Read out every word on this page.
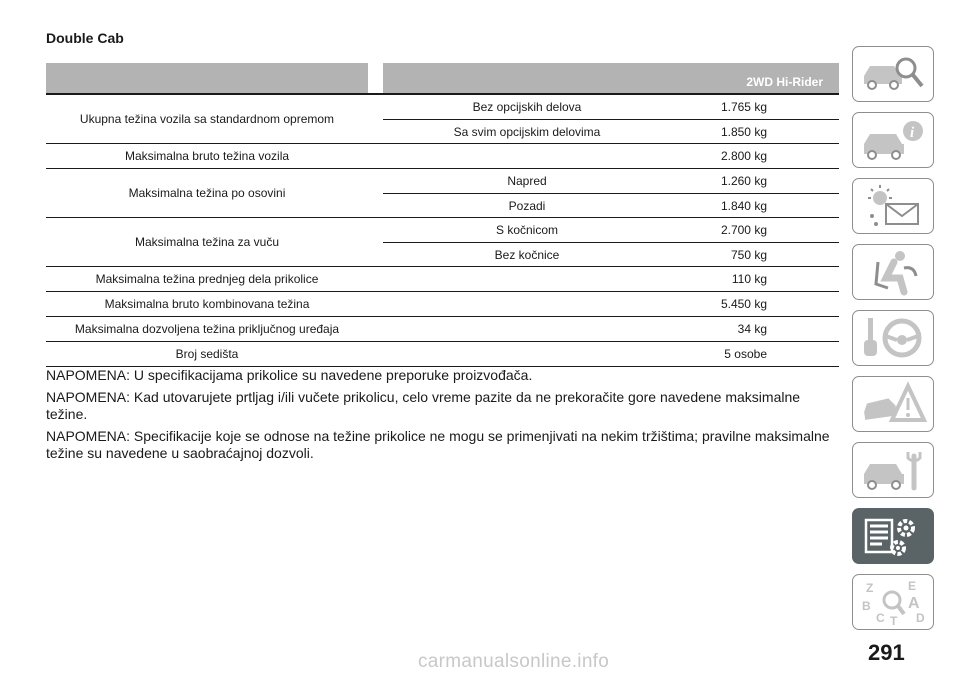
Double Cab
2WD Hi-Rider
Ukupna težina vozila sa standardnom opremom
Bez opcijskih delova	1.765 kg
Sa svim opcijskim delovima	1.850 kg
Maksimalna bruto težina vozila	2.800 kg
Maksimalna težina po osovini
Napred	1.260 kg
Pozadi	1.840 kg
Maksimalna težina za vuču
S kočnicom	2.700 kg
Bez kočnice	750 kg
Maksimalna težina prednjeg dela prikolice	110 kg
Maksimalna bruto kombinovana težina	5.450 kg
Maksimalna dozvoljena težina priključnog uređaja	34 kg
Broj sedišta	5 osobe

NAPOMENA: U specifikacijama prikolice su navedene preporuke proizvođača.

NAPOMENA: Kad utovarujete prtljag i/ili vučete prikolicu, celo vreme pazite da ne prekoračite gore navedene maksimalne težine.

NAPOMENA: Specifikacije koje se odnose na težine prikolice ne mogu se primenjivati na nekim tržištima; pravilne maksimalne težine su navedene u saobraćajnoj dozvoli.

i
Z	E
B A
C	D
T
291
carmanualsonline.info
